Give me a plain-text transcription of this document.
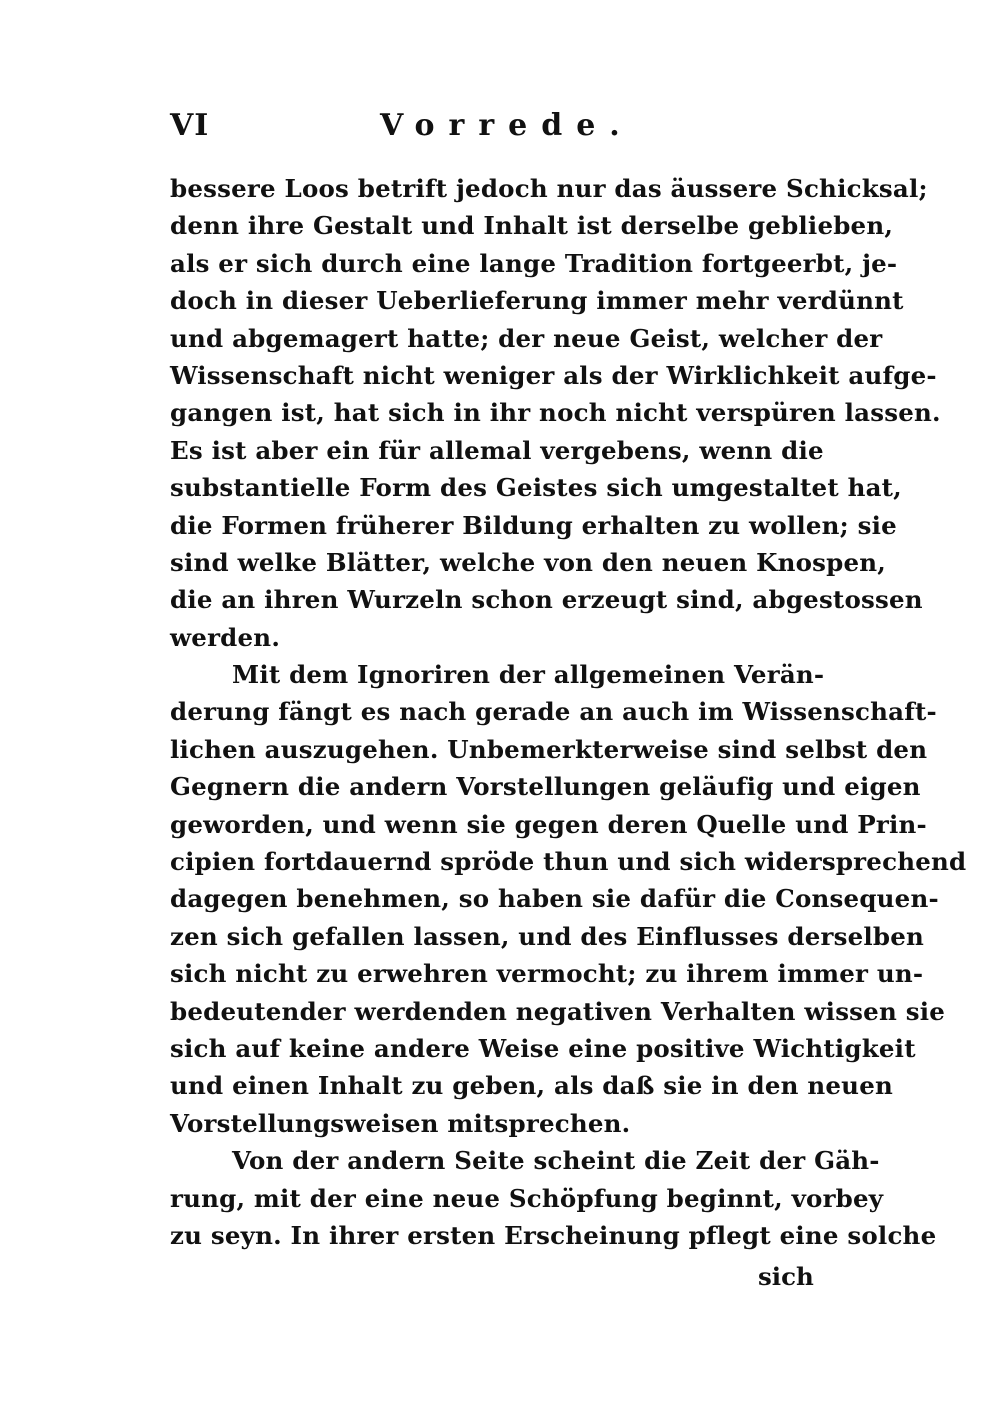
VI	Vorrede.
bessere Loos betrift jedoch nur das äussere Schicksal;
denn ihre Gestalt und Inhalt ist derselbe geblieben,
als er sich durch eine lange Tradition fortgeerbt, je-
doch in dieser Ueberlieferung immer mehr verdünnt
und abgemagert hatte; der neue Geist, welcher der
Wissenschaft nicht weniger als der Wirklichkeit aufge-
gangen ist, hat sich in ihr noch nicht verspüren lassen.
Es ist aber ein für allemal vergebens, wenn die
substantielle Form des Geistes sich umgestaltet hat,
die Formen früherer Bildung erhalten zu wollen; sie
sind welke Blätter, welche von den neuen Knospen,
die an ihren Wurzeln schon erzeugt sind, abgestossen
werden.
Mit dem Ignoriren der allgemeinen Verän-
derung fängt es nach gerade an auch im Wissenschaft-
lichen auszugehen. Unbemerkterweise sind selbst den
Gegnern die andern Vorstellungen geläufig und eigen
geworden, und wenn sie gegen deren Quelle und Prin-
cipien fortdauernd spröde thun und sich widersprechend
dagegen benehmen, so haben sie dafür die Consequen-
zen sich gefallen lassen, und des Einflusses derselben
sich nicht zu erwehren vermocht; zu ihrem immer un-
bedeutender werdenden negativen Verhalten wissen sie
sich auf keine andere Weise eine positive Wichtigkeit
und einen Inhalt zu geben, als daß sie in den neuen
Vorstellungsweisen mitsprechen.
Von der andern Seite scheint die Zeit der Gäh-
rung, mit der eine neue Schöpfung beginnt, vorbey
zu seyn. In ihrer ersten Erscheinung pflegt eine solche
sich
